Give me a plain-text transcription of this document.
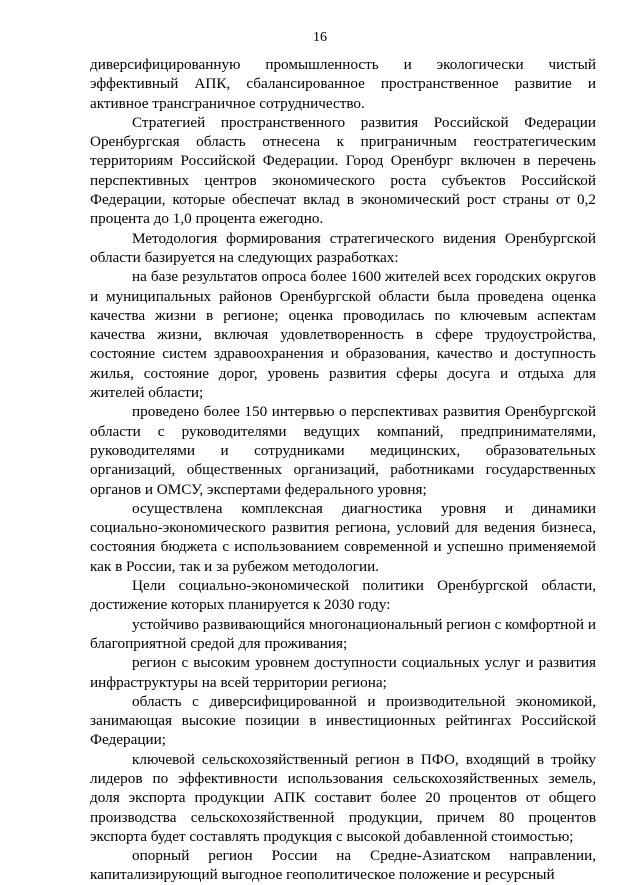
16

диверсифицированную промышленность и экологически чистый эффективный АПК, сбалансированное пространственное развитие и активное трансграничное сотрудничество.

Стратегией пространственного развития Российской Федерации Оренбургская область отнесена к приграничным геостратегическим территориям Российской Федерации. Город Оренбург включен в перечень перспективных центров экономического роста субъектов Российской Федерации, которые обеспечат вклад в экономический рост страны от 0,2 процента до 1,0 процента ежегодно.

Методология формирования стратегического видения Оренбургской области базируется на следующих разработках:

на базе результатов опроса более 1600 жителей всех городских округов и муниципальных районов Оренбургской области была проведена оценка качества жизни в регионе; оценка проводилась по ключевым аспектам качества жизни, включая удовлетворенность в сфере трудоустройства, состояние систем здравоохранения и образования, качество и доступность жилья, состояние дорог, уровень развития сферы досуга и отдыха для жителей области;

проведено более 150 интервью о перспективах развития Оренбургской области с руководителями ведущих компаний, предпринимателями, руководителями и сотрудниками медицинских, образовательных организаций, общественных организаций, работниками государственных органов и ОМСУ, экспертами федерального уровня;

осуществлена комплексная диагностика уровня и динамики социально-экономического развития региона, условий для ведения бизнеса, состояния бюджета с использованием современной и успешно применяемой как в России, так и за рубежом методологии.

Цели социально-экономической политики Оренбургской области, достижение которых планируется к 2030 году:

устойчиво развивающийся многонациональный регион с комфортной и благоприятной средой для проживания;

регион с высоким уровнем доступности социальных услуг и развития инфраструктуры на всей территории региона;

область с диверсифицированной и производительной экономикой, занимающая высокие позиции в инвестиционных рейтингах Российской Федерации;

ключевой сельскохозяйственный регион в ПФО, входящий в тройку лидеров по эффективности использования сельскохозяйственных земель, доля экспорта продукции АПК составит более 20 процентов от общего производства сельскохозяйственной продукции, причем 80 процентов экспорта будет составлять продукция с высокой добавленной стоимостью;

опорный регион России на Средне-Азиатском направлении, капитализирующий выгодное геополитическое положение и ресурсный
